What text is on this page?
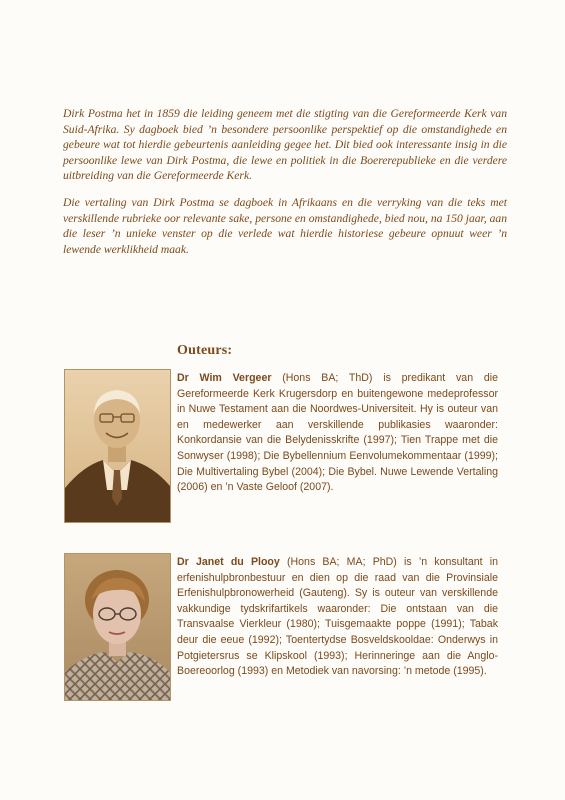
Dirk Postma het in 1859 die leiding geneem met die stigting van die Gereformeerde Kerk van Suid-Afrika. Sy dagboek bied ’n besondere persoonlike perspektief op die omstandighede en gebeure wat tot hierdie gebeurtenis aanleiding gegee het. Dit bied ook interessante insig in die persoonlike lewe van Dirk Postma, die lewe en politiek in die Boererepublieke en die verdere uitbreiding van die Gereformeerde Kerk.

Die vertaling van Dirk Postma se dagboek in Afrikaans en die verryking van die teks met verskillende rubrieke oor relevante sake, persone en omstandighede, bied nou, na 150 jaar, aan die leser ’n unieke venster op die verlede wat hierdie historiese gebeure opnuut weer ’n lewende werklikheid maak.

Outeurs:

Dr Wim Vergeer (Hons BA; ThD) is predikant van die Gereformeerde Kerk Krugersdorp en buitengewone medeprofessor in Nuwe Testament aan die Noordwes-Universiteit. Hy is outeur van en medewerker aan verskillende publikasies waaronder: Konkordansie van die Belydenisskrifte (1997); Tien Trappe met die Sonwyser (1998); Die Bybellennium Eenvolumekommentaar (1999); Die Multivertaling Bybel (2004); Die Bybel. Nuwe Lewende Vertaling (2006) en ’n Vaste Geloof (2007).

Dr Janet du Plooy (Hons BA; MA; PhD) is ’n konsultant in erfenishulpbronbestuur en dien op die raad van die Provinsiale Erfenishulpbronowerheid (Gauteng). Sy is outeur van verskillende vakkundige tydskrifartikels waaronder: Die ontstaan van die Transvaalse Vierkleur (1980); Tuisgemaakte poppe (1991); Tabak deur die eeue (1992); Toentertydse Bosveldskooldae: Onderwys in Potgietersrus se Klipskool (1993); Herinneringe aan die Anglo-Boereoorlog (1993) en Metodiek van navorsing: ’n metode (1995).
